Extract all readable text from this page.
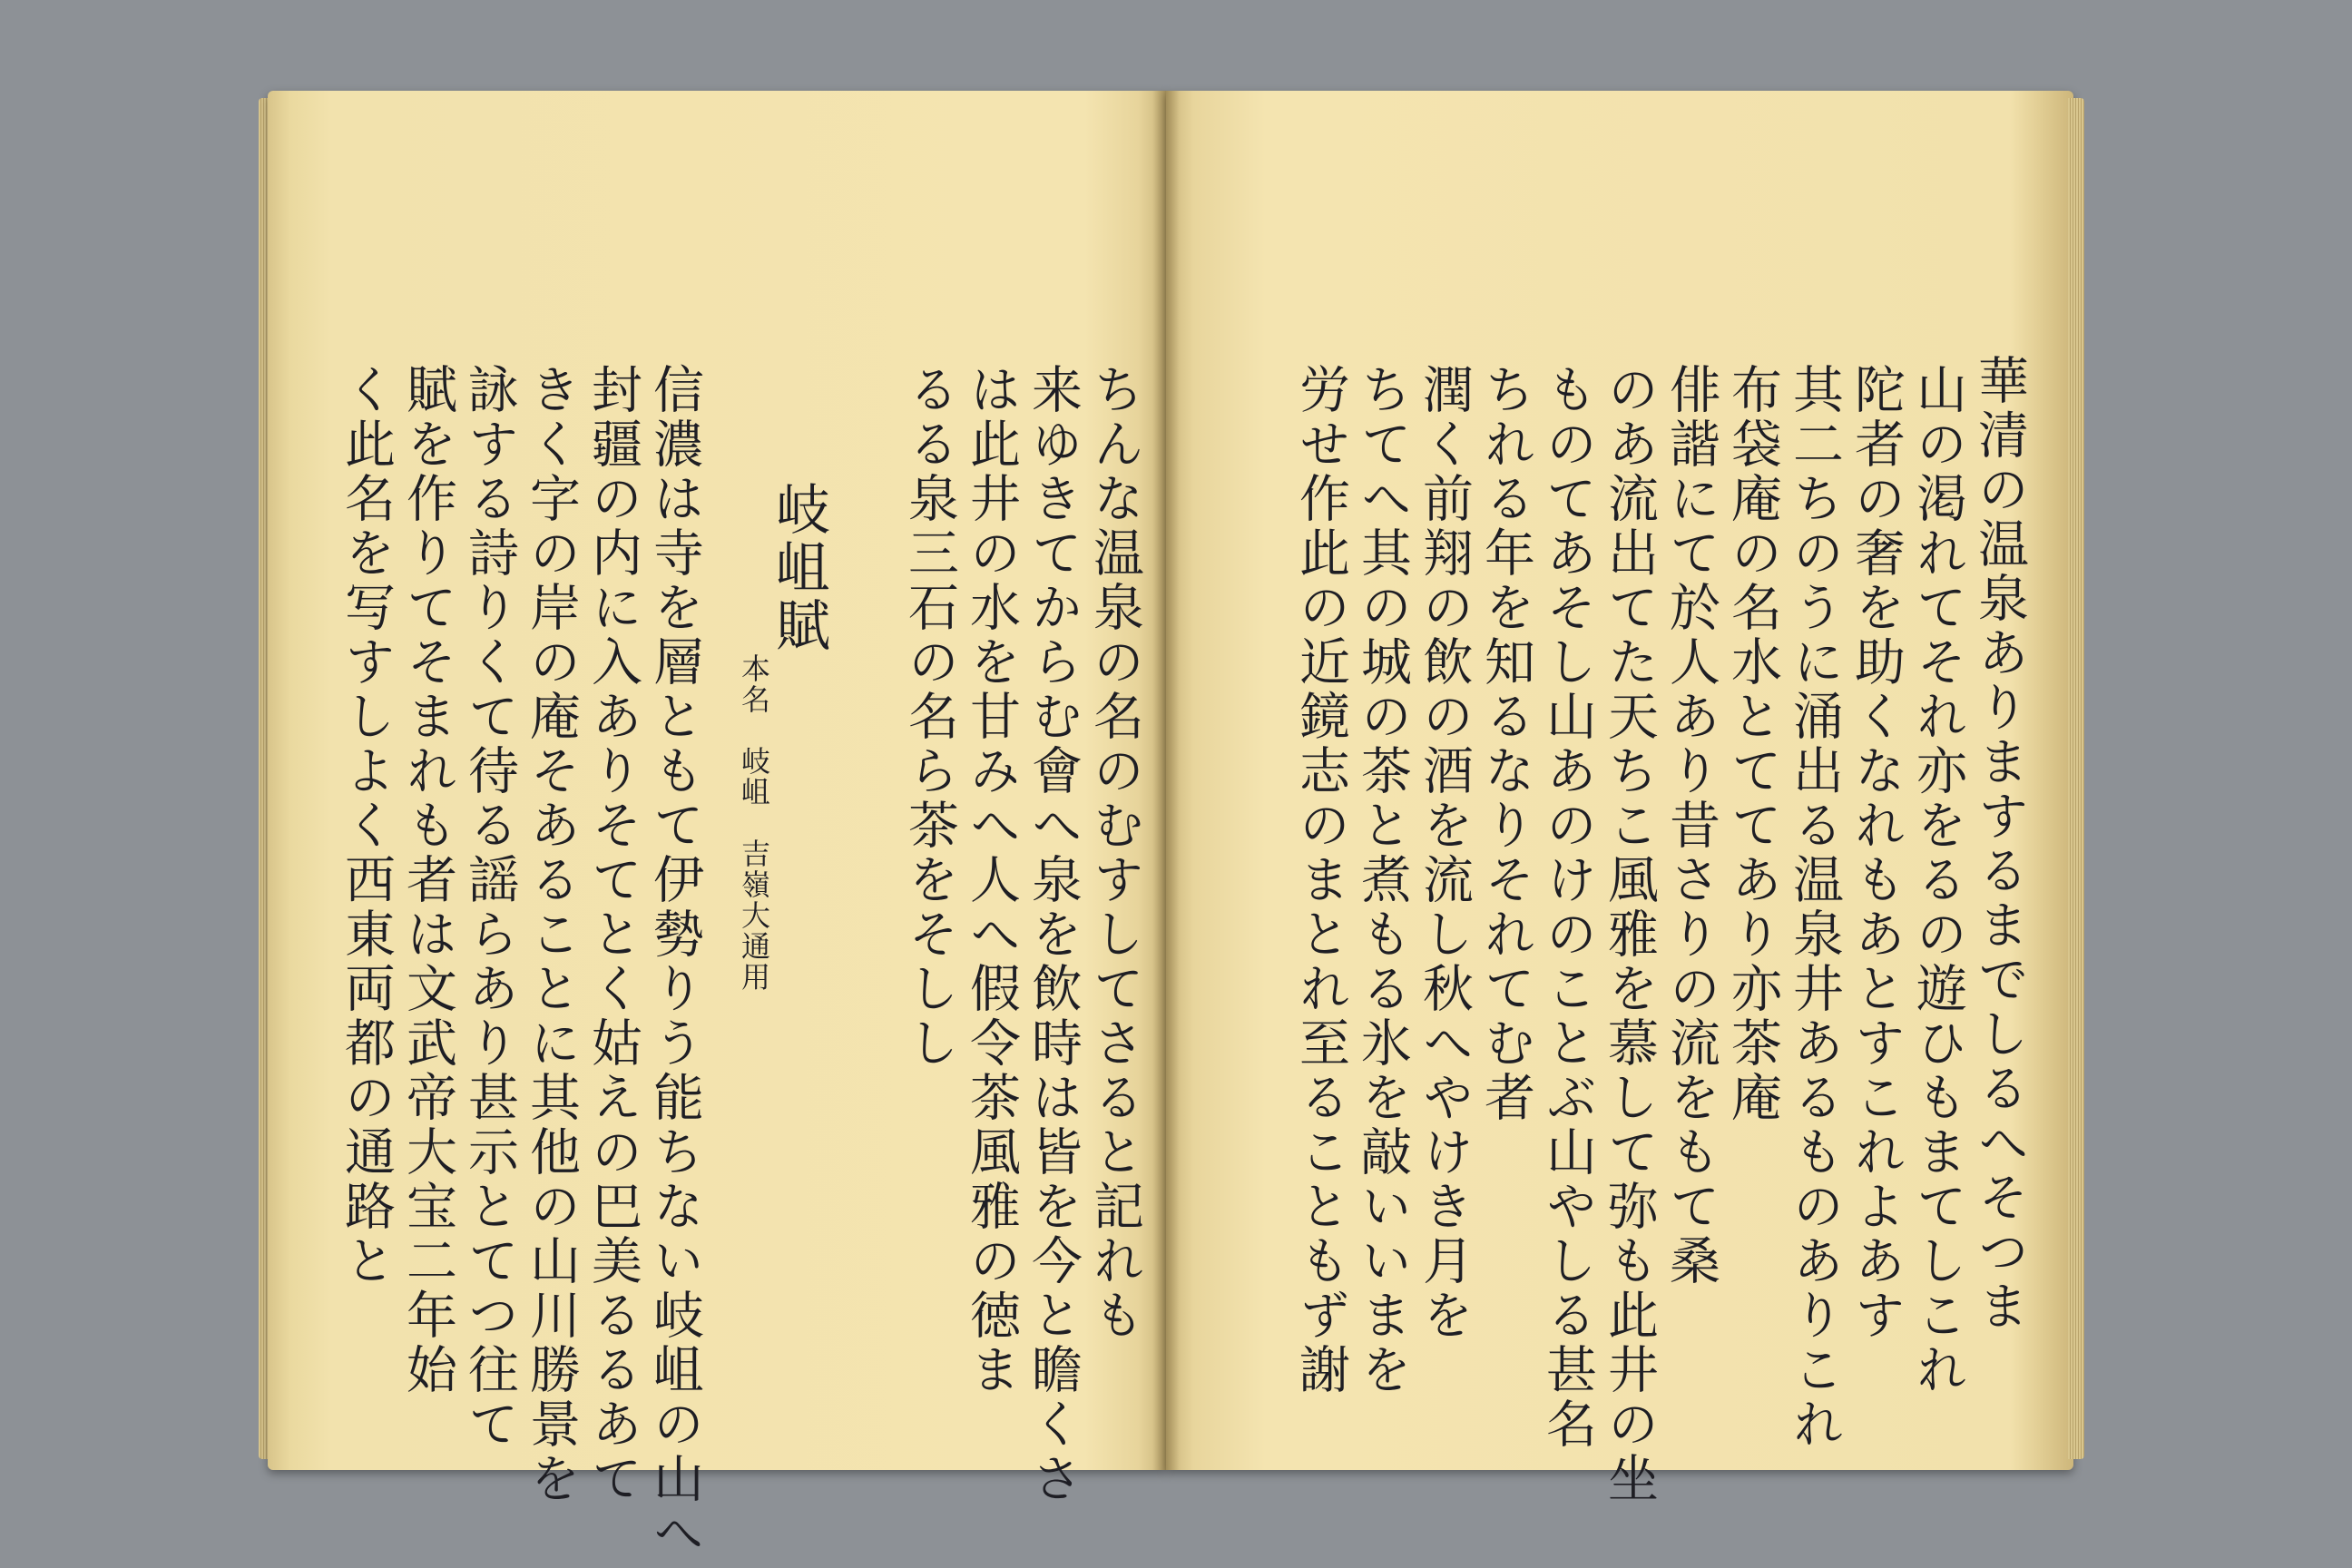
華清の温泉ありまするまでしるへそつま
山の渇れてそれ亦をるの遊ひもまてしこれ
陀者の奢を助くなれもあとすこれよあす
其二ちのうに涌出る温泉井あるものありこれ
布袋庵の名水とててあり亦茶庵
俳諧にて於人あり昔さりの流をもて桑
のあ流出てた天ちこ風雅を慕して弥も此井の坐
ものてあそし山あのけのことぶ山やしる甚名
ちれる年を知るなりそれてむ者
潤く前翔の飲の酒を流し秋へやけき月を
ちてへ其の城の茶と煮もる氷を敲いいまを
労せ作此の近鏡志のまとれ至ることもず謝
ちんな温泉の名のむすしてさると記れも
来ゆきてからむ會へ泉を飲時は皆を今と瞻くさ
は此井の水を甘みへ人へ假令茶風雅の徳ま
るる泉三石の名ら茶をそしし
岐岨賦
本名　岐岨　吉嶺大通用
信濃は寺を層ともて伊勢りう能ちない岐岨の山へ
封疆の内に入ありそてとく姑えの巴美るるあて
きく字の岸の庵そあることに其他の山川勝景を
詠する詩りくて待る謡らあり甚示とてつ往て
賦を作りてそまれも者は文武帝大宝二年始
く此名を写すしよく西東両都の通路と
